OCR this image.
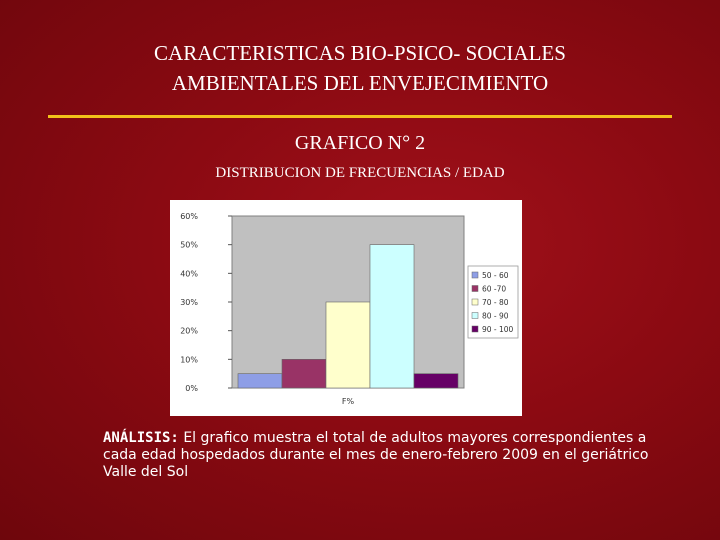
CARACTERISTICAS BIO-PSICO- SOCIALES
AMBIENTALES DEL ENVEJECIMIENTO
GRAFICO N° 2
DISTRIBUCION DE FRECUENCIAS / EDAD
0%
10%
20%
30%
40%
50%
60%
F%
50 - 60
60 -70
70 - 80
80 - 90
90 - 100
ANÁLISIS: El grafico muestra el total de adultos mayores correspondientes a cada edad hospedados durante el mes de enero-febrero 2009 en el geriátrico Valle del Sol
